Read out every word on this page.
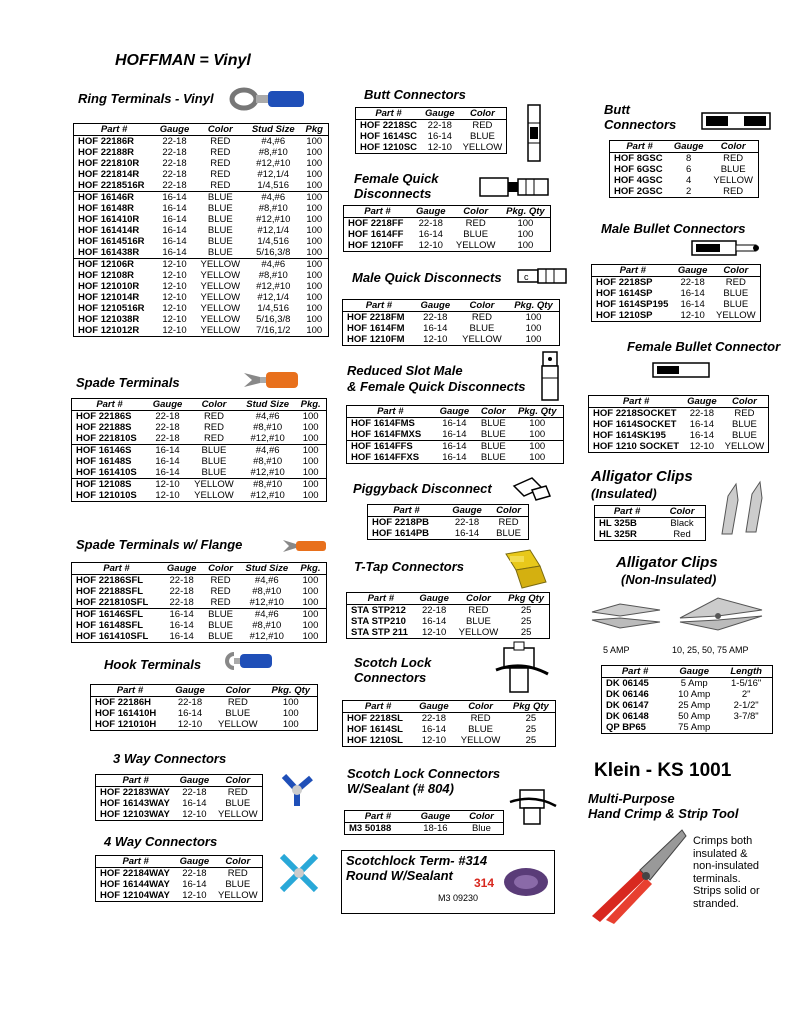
HOFFMAN = Vinyl
Ring Terminals - Vinyl
Part #	Gauge	Color	Stud Size	Pkg
HOF 22186R	22-18	RED	#4,#6	100
HOF 22188R	22-18	RED	#8,#10	100
HOF 221810R	22-18	RED	#12,#10	100
HOF 221814R	22-18	RED	#12,1/4	100
HOF 2218516R	22-18	RED	1/4,516	100
HOF 16146R	16-14	BLUE	#4,#6	100
HOF 16148R	16-14	BLUE	#8,#10	100
HOF 161410R	16-14	BLUE	#12,#10	100
HOF 161414R	16-14	BLUE	#12,1/4	100
HOF 1614516R	16-14	BLUE	1/4,516	100
HOF 161438R	16-14	BLUE	5/16,3/8	100
HOF 12106R	12-10	YELLOW	#4,#6	100
HOF 12108R	12-10	YELLOW	#8,#10	100
HOF 121010R	12-10	YELLOW	#12,#10	100
HOF 121014R	12-10	YELLOW	#12,1/4	100
HOF 1210516R	12-10	YELLOW	1/4,516	100
HOF 121038R	12-10	YELLOW	5/16,3/8	100
HOF 121012R	12-10	YELLOW	7/16,1/2	100
Spade Terminals
Part #	Gauge	Color	Stud Size	Pkg.
HOF 22186S	22-18	RED	#4,#6	100
HOF 22188S	22-18	RED	#8,#10	100
HOF 221810S	22-18	RED	#12,#10	100
HOF 16146S	16-14	BLUE	#4,#6	100
HOF 16148S	16-14	BLUE	#8,#10	100
HOF 161410S	16-14	BLUE	#12,#10	100
HOF 12108S	12-10	YELLOW	#8,#10	100
HOF 121010S	12-10	YELLOW	#12,#10	100
Spade Terminals w/ Flange
Part #	Gauge	Color	Stud Size	Pkg.
HOF 22186SFL	22-18	RED	#4,#6	100
HOF 22188SFL	22-18	RED	#8,#10	100
HOF 221810SFL	22-18	RED	#12,#10	100
HOF 16146SFL	16-14	BLUE	#4,#6	100
HOF 16148SFL	16-14	BLUE	#8,#10	100
HOF 161410SFL	16-14	BLUE	#12,#10	100
Hook Terminals
Part #	Gauge	Color	Pkg. Qty
HOF 22186H	22-18	RED	100
HOF 161410H	16-14	BLUE	100
HOF 121010H	12-10	YELLOW	100
3 Way Connectors
Part #	Gauge	Color
HOF 22183WAY	22-18	RED
HOF 16143WAY	16-14	BLUE
HOF 12103WAY	12-10	YELLOW
4 Way Connectors
Part #	Gauge	Color
HOF 22184WAY	22-18	RED
HOF 16144WAY	16-14	BLUE
HOF 12104WAY	12-10	YELLOW
Butt Connectors
Part #	Gauge	Color
HOF 2218SC	22-18	RED
HOF 1614SC	16-14	BLUE
HOF 1210SC	12-10	YELLOW
Female Quick
Disconnects
Part #	Gauge	Color	Pkg. Qty
HOF 2218FF	22-18	RED	100
HOF 1614FF	16-14	BLUE	100
HOF 1210FF	12-10	YELLOW	100
Male Quick Disconnects c
Part #	Gauge	Color	Pkg. Qty
HOF 2218FM	22-18	RED	100
HOF 1614FM	16-14	BLUE	100
HOF 1210FM	12-10	YELLOW	100
Reduced Slot Male
& Female Quick Disconnects
Part #	Gauge	Color	Pkg. Qty
HOF 1614FMS	16-14	BLUE	100
HOF 1614FMXS	16-14	BLUE	100
HOF 1614FFS	16-14	BLUE	100
HOF 1614FFXS	16-14	BLUE	100
Piggyback Disconnect
Part #	Gauge	Color
HOF 2218PB	22-18	RED
HOF 1614PB	16-14	BLUE
T-Tap Connectors
Part #	Gauge	Color	Pkg Qty
STA STP212	22-18	RED	25
STA STP210	16-14	BLUE	25
STA STP 211	12-10	YELLOW	25
Scotch Lock
Connectors
Part #	Gauge	Color	Pkg Qty
HOF 2218SL	22-18	RED	25
HOF 1614SL	16-14	BLUE	25
HOF 1210SL	12-10	YELLOW	25
Scotch Lock Connectors
W/Sealant (# 804)
Part #	Gauge	Color
M3 50188	18-16	Blue
Scotchlock Term- #314
Round W/Sealant 314
M3 09230
Butt
Connectors
Part #	Gauge	Color
HOF 8GSC	8	RED
HOF 6GSC	6	BLUE
HOF 4GSC	4	YELLOW
HOF 2GSC	2	RED
Male Bullet Connectors
Part #	Gauge	Color
HOF 2218SP	22-18	RED
HOF 1614SP	16-14	BLUE
HOF 1614SP195	16-14	BLUE
HOF 1210SP	12-10	YELLOW
Female Bullet Connector
Part #	Gauge	Color
HOF 2218SOCKET	22-18	RED
HOF 1614SOCKET	16-14	BLUE
HOF 1614SK195	16-14	BLUE
HOF 1210 SOCKET	12-10	YELLOW
Alligator Clips
(Insulated)
Part #	Color
HL 325B	Black
HL 325R	Red
Alligator Clips
(Non-Insulated)
5 AMP	10, 25, 50, 75 AMP
Part #	Gauge	Length
DK 06145	5 Amp	1-5/16"
DK 06146	10 Amp	2"
DK 06147	25 Amp	2-1/2"
DK 06148	50 Amp	3-7/8"
QP BP65	75 Amp	
Klein - KS 1001
Multi-Purpose
Hand Crimp & Strip Tool
Crimps both
insulated &
non-insulated
terminals.
Strips solid or
stranded.
